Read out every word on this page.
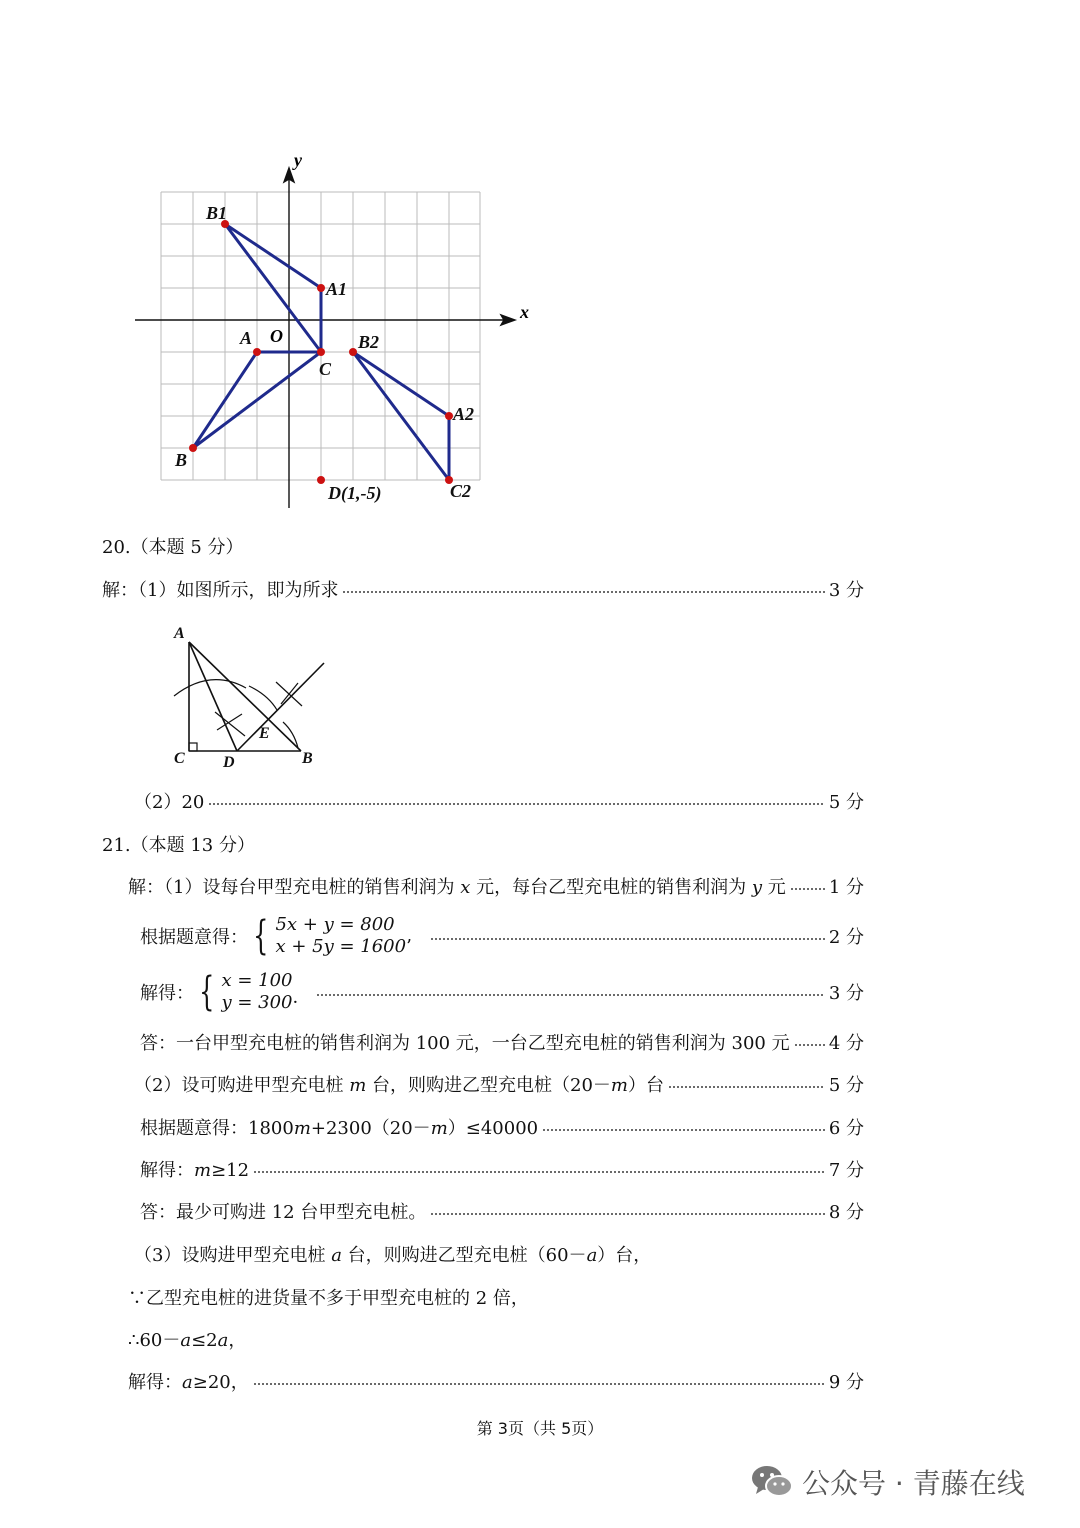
x
y
O
B1
A1
A
C
B
B2
A2
C2
D(1,-5)
20.（本题 5 分）
解：（1）如图所示，即为所求	3 分
A
B
C D
E
（2）20	5 分
21.（本题 13 分）
解：（1）设每台甲型充电桩的销售利润为 x 元，每台乙型充电桩的销售利润为 y 元 1 分
根据题意得： { 5x + y = 800
x + 5y = 1600’	2 分
解得： { x = 100
y = 300·	3 分
答：一台甲型充电桩的销售利润为 100 元，一台乙型充电桩的销售利润为 300 元 4 分
（2）设可购进甲型充电桩 m 台，则购进乙型充电桩（20－m）台	5 分
根据题意得：1800m+2300（20－m）≤40000	6 分
解得：m≥12	7 分
答：最少可购进 12 台甲型充电桩。	8 分
（3）设购进甲型充电桩 a 台，则购进乙型充电桩（60－a）台，
∵乙型充电桩的进货量不多于甲型充电桩的 2 倍，
∴60－a≤2a，
解得：a≥20，	9 分
第 3页（共 5页）
公众号 · 青藤在线
